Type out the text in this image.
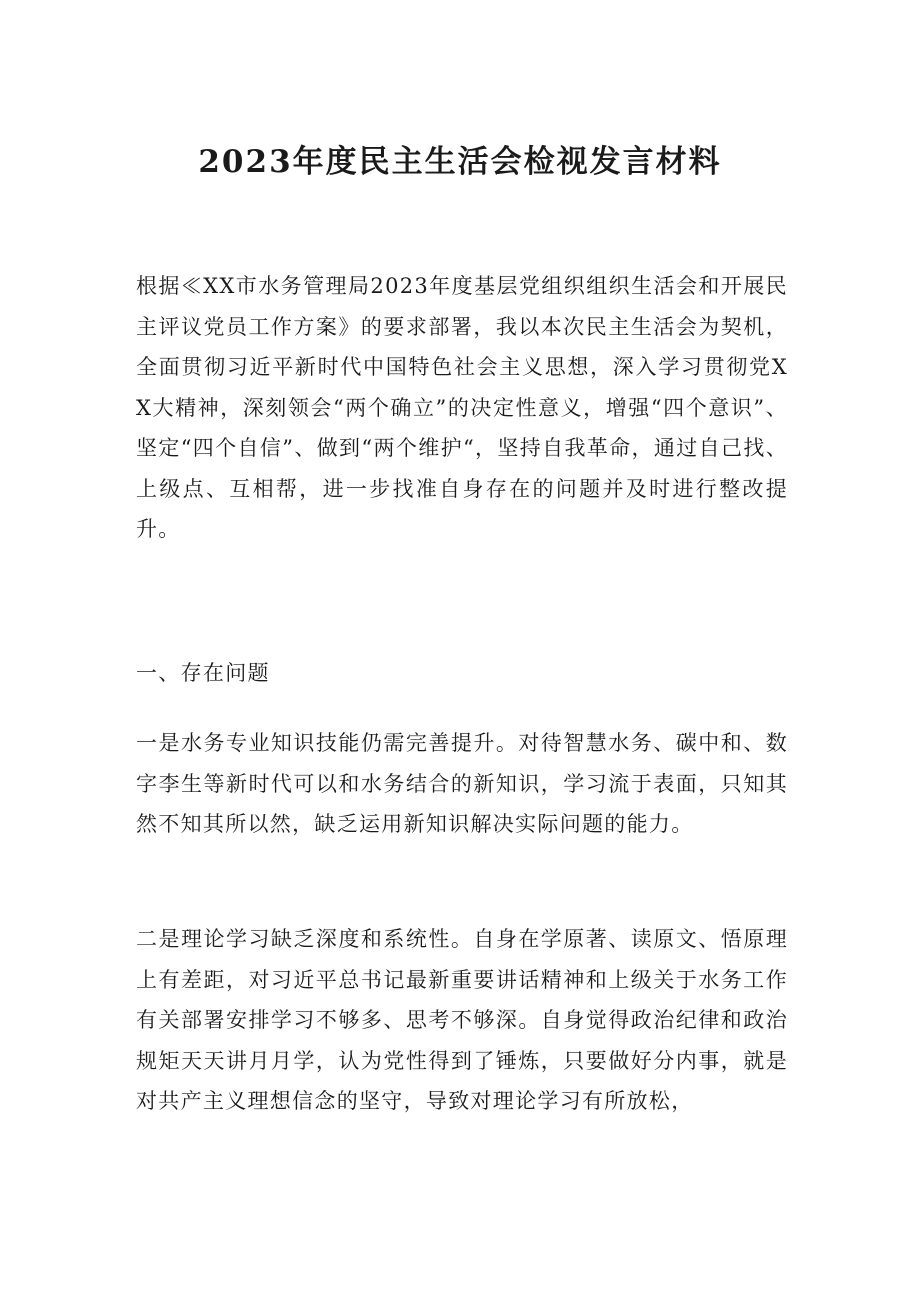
2023年度民主生活会检视发言材料

根据≪XX市水务管理局2023年度基层党组织组织生活会和开展民主评议党员工作方案》的要求部署，我以本次民主生活会为契机，全面贯彻习近平新时代中国特色社会主义思想，深入学习贯彻党XX大精神，深刻领会“两个确立”的决定性意义，增强“四个意识”、坚定“四个自信”、做到“两个维护“，坚持自我革命，通过自己找、上级点、互相帮，进一步找准自身存在的问题并及时进行整改提升。

一、存在问题

一是水务专业知识技能仍需完善提升。对待智慧水务、碳中和、数字李生等新时代可以和水务结合的新知识，学习流于表面，只知其然不知其所以然，缺乏运用新知识解决实际问题的能力。

二是理论学习缺乏深度和系统性。自身在学原著、读原文、悟原理上有差距，对习近平总书记最新重要讲话精神和上级关于水务工作有关部署安排学习不够多、思考不够深。自身觉得政治纪律和政治规矩天天讲月月学，认为党性得到了锤炼，只要做好分内事，就是对共产主义理想信念的坚守，导致对理论学习有所放松，
